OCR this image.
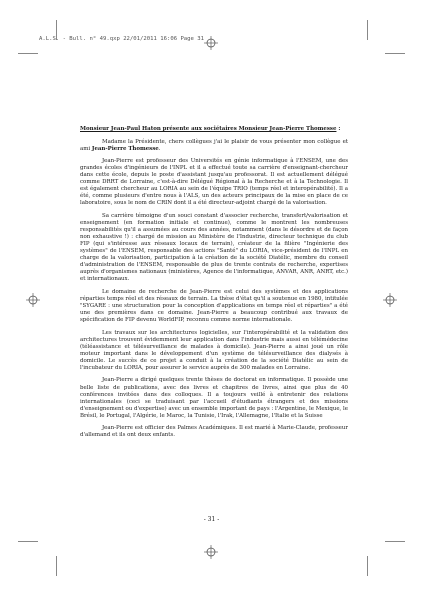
A.L.S. - Bull. n° 49.qxp 22/01/2011 16:06 Page 31

Monsieur Jean-Paul Haton présente aux sociétaires Monsieur Jean-Pierre Thomesse :

Madame la Présidente, chers collègues j'ai le plaisir de vous présenter mon collègue et ami Jean-Pierre Thomesse.

Jean-Pierre est professeur des Universités en génie informatique à l'ENSEM, une des grandes écoles d'ingénieurs de l'INPL et il a effectué toute sa carrière d'enseignant-chercheur dans cette école, depuis le poste d'assistant jusqu'au professorat. Il est actuellement délégué comme DRRT de Lorraine, c'est-à-dire Délégué Régional à la Recherche et à la Technologie. Il est également chercheur au LORIA au sein de l'équipe TRIO (temps réel et interopérabilité). Il a été, comme plusieurs d'entre nous à l'ALS, un des acteurs principaux de la mise en place de ce laboratoire, sous le nom de CRIN dont il a été directeur-adjoint chargé de la valorisation.

Sa carrière témoigne d'un souci constant d'associer recherche, transfert/valorisation et enseignement (en formation initiale et continue), comme le montrent les nombreuses responsabilités qu'il a assumées au cours des années, notamment (dans le désordre et de façon non exhaustive !) : chargé de mission au Ministère de l'Industrie, directeur technique du club FIP (qui s'intéresse aux réseaux locaux de terrain), créateur de la filière "Ingénierie des systèmes" de l'ENSEM, responsable des actions "Santé" du LORIA, vice-président de l'INPL en charge de la valorisation, participation à la création de la société Diatélic, membre du conseil d'administration de l'ENSEM, responsable de plus de trente contrats de recherche, expertises auprès d'organismes nationaux (ministères, Agence de l'informatique, ANVAR, ANR, ANRT, etc.) et internationaux.

Le domaine de recherche de Jean-Pierre est celui des systèmes et des applications réparties temps réel et des réseaux de terrain. La thèse d'état qu'il a soutenue en 1980, intitulée "SYGARE : une structuration pour la conception d'applications en temps réel et réparties" a été une des premières dans ce domaine. Jean-Pierre a beaucoup contribué aux travaux de spécification de FIP devenu WorldFIP, reconnu comme norme internationale.

Les travaux sur les architectures logicielles, sur l'interopérabilité et la validation des architectures trouvent évidemment leur application dans l'industrie mais aussi en télémédecine (téléassistance et télésurveillance de malades à domicile). Jean-Pierre a ainsi joué un rôle moteur important dans le développement d'un système de télésurveillance des dialysés à domicile. Le succès de ce projet a conduit à la création de la société Diatélic au sein de l'incubateur du LORIA, pour assurer le service auprès de 300 malades en Lorraine.

Jean-Pierre a dirigé quelques trente thèses de doctorat en informatique. Il possède une belle liste de publications, avec des livres et chapitres de livres, ainsi que plus de 40 conférences invitées dans des colloques. Il a toujours veillé à entretenir des relations internationales (ceci se traduisant par l'accueil d'étudiants étrangers et des missions d'enseignement ou d'expertise) avec un ensemble important de pays : l'Argentine, le Mexique, le Brésil, le Portugal, l'Algérie, le Maroc, la Tunisie, l'Irak, l'Allemagne, l'Italie et la Suisse

Jean-Pierre est officier des Palmes Académiques. Il est marié à Marie-Claude, professeur d'allemand et ils ont deux enfants.

- 31 -
